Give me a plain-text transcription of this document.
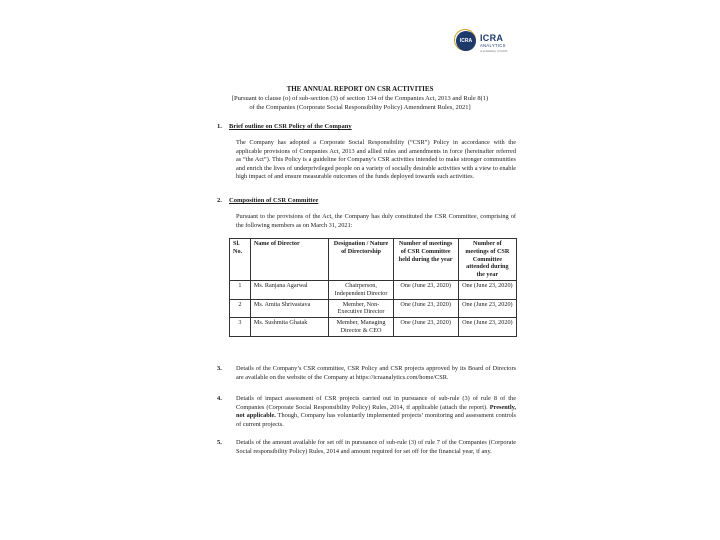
ICRA ICRA
ANALYTICS
A subsidiary of ICRA
THE ANNUAL REPORT ON CSR ACTIVITIES
[Pursuant to clause (o) of sub-section (3) of section 134 of the Companies Act, 2013 and Rule 8(1)
of the Companies (Corporate Social Responsibility Policy) Amendment Rules, 2021]
1. Brief outline on CSR Policy of the Company
The Company has adopted a Corporate Social Responsibility (“CSR”) Policy in accordance with the applicable provisions of Companies Act, 2013 and allied rules and amendments in force (hereinafter referred as “the Act”). This Policy is a guideline for Company’s CSR activities intended to make stronger communities and enrich the lives of underprivileged people on a variety of socially desirable activities with a view to enable high impact of and ensure measurable outcomes of the funds deployed towards such activities.
2. Composition of CSR Committee
Pursuant to the provisions of the Act, the Company has duly constituted the CSR Committee, comprising of the following members as on March 31, 2021:
Sl. No.	Name of Director	Designation / Nature of Directorship	Number of meetings of CSR Committee held during the year	Number of meetings of CSR Committee attended during the year
1	Ms. Ranjana Agarwal	Chairperson, Independent Director	One (June 23, 2020)	One (June 23, 2020)
2	Ms. Amita Shrivastava	Member, Non-Executive Director	One (June 23, 2020)	One (June 23, 2020)
3	Ms. Sushmita Ghatak	Member, Managing Director & CEO	One (June 23, 2020)	One (June 23, 2020)
3. Details of the Company’s CSR committee, CSR Policy and CSR projects approved by its Board of Directors are available on the website of the Company at https://icraanalytics.com/home/CSR.
4. Details of impact assessment of CSR projects carried out in pursuance of sub-rule (3) of rule 8 of the Companies (Corporate Social Responsibility Policy) Rules, 2014, if applicable (attach the report). Presently, not applicable. Though, Company has voluntarily implemented projects’ monitoring and assessment controls of current projects.
5. Details of the amount available for set off in pursuance of sub-rule (3) of rule 7 of the Companies (Corporate Social responsibility Policy) Rules, 2014 and amount required for set off for the financial year, if any.
